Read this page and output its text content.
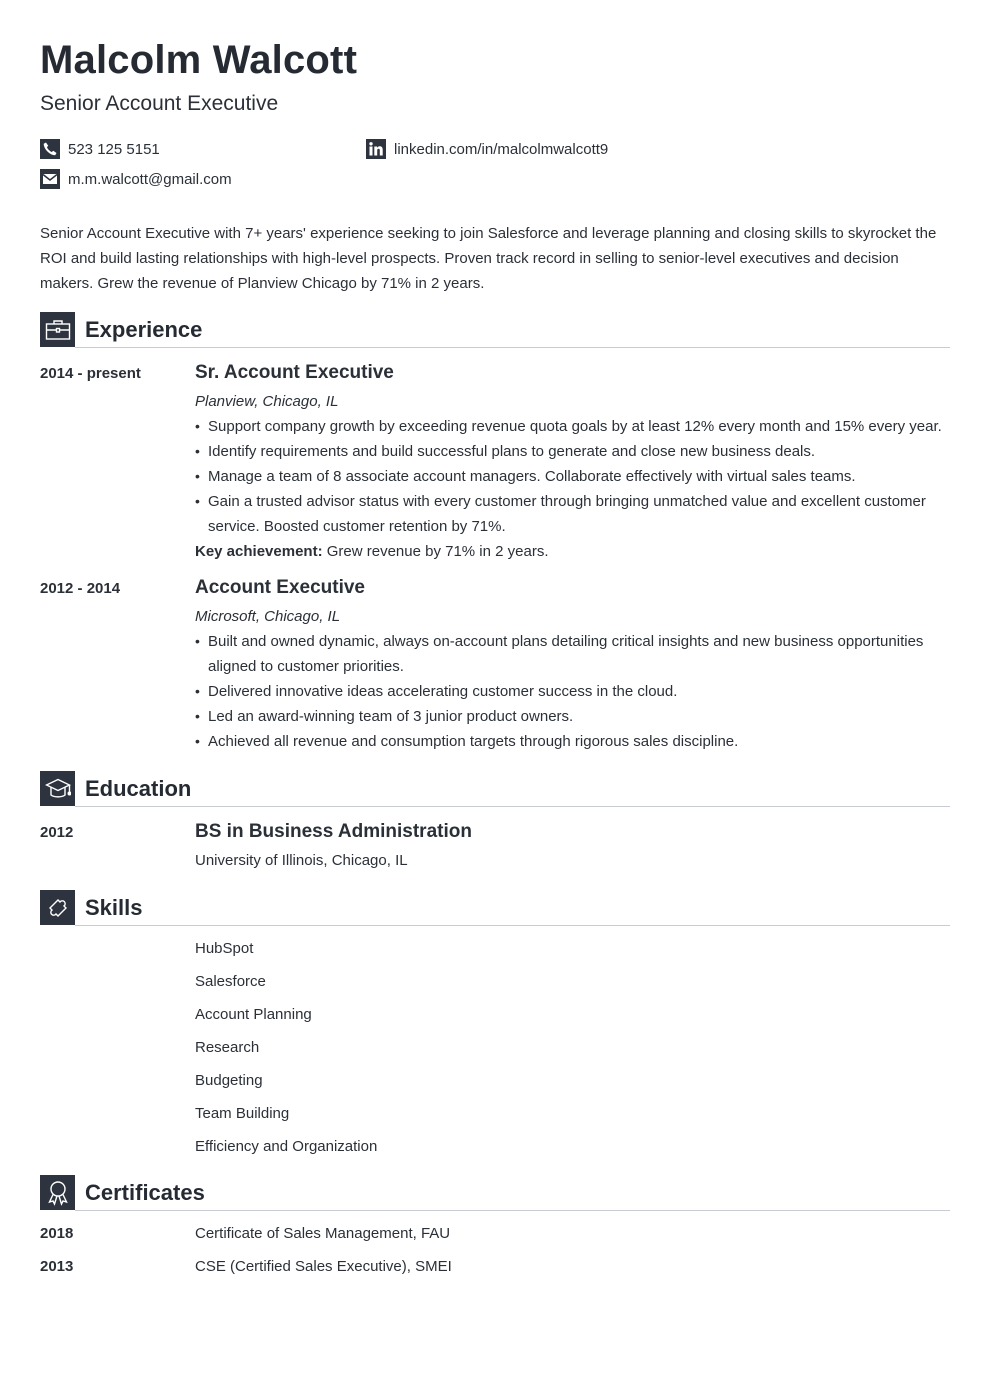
Malcolm Walcott
Senior Account Executive
523 125 5151	linkedin.com/in/malcolmwalcott9
m.m.walcott@gmail.com

Senior Account Executive with 7+ years' experience seeking to join Salesforce and leverage planning and closing skills to skyrocket the ROI and build lasting relationships with high-level prospects. Proven track record in selling to senior-level executives and decision makers. Grew the revenue of Planview Chicago by 71% in 2 years.

Experience
2014 - present	Sr. Account Executive
Planview, Chicago, IL
• Support company growth by exceeding revenue quota goals by at least 12% every month and 15% every year.
• Identify requirements and build successful plans to generate and close new business deals.
• Manage a team of 8 associate account managers. Collaborate effectively with virtual sales teams.
• Gain a trusted advisor status with every customer through bringing unmatched value and excellent customer service. Boosted customer retention by 71%.
Key achievement: Grew revenue by 71% in 2 years.
2012 - 2014	Account Executive
Microsoft, Chicago, IL
• Built and owned dynamic, always on-account plans detailing critical insights and new business opportunities aligned to customer priorities.
• Delivered innovative ideas accelerating customer success in the cloud.
• Led an award-winning team of 3 junior product owners.
• Achieved all revenue and consumption targets through rigorous sales discipline.
Education
2012	BS in Business Administration
University of Illinois, Chicago, IL
Skills
HubSpot
Salesforce
Account Planning
Research
Budgeting
Team Building
Efficiency and Organization
Certificates
2018	Certificate of Sales Management, FAU
2013	CSE (Certified Sales Executive), SMEI
